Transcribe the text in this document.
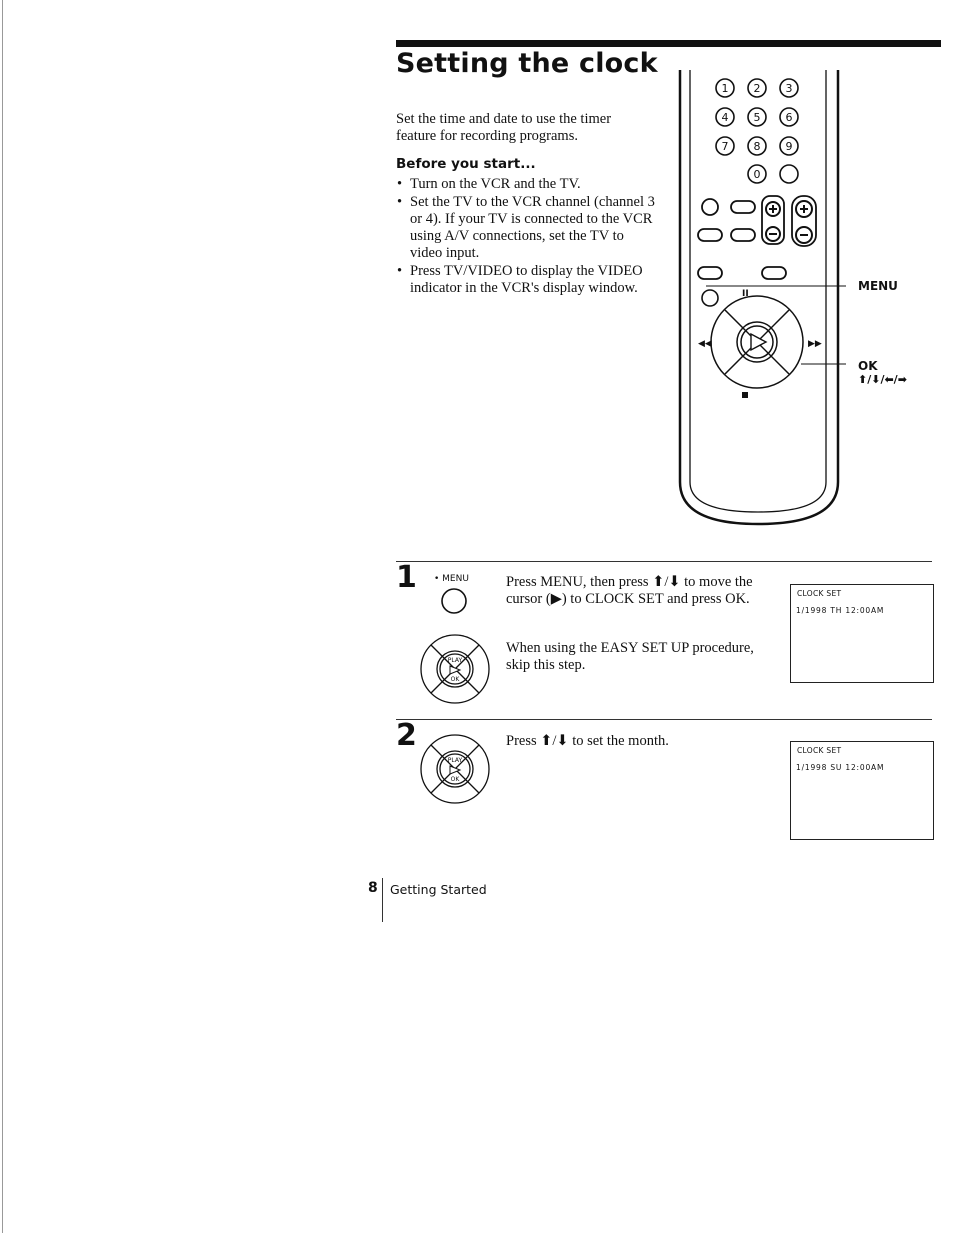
Setting the clock
Set the time and date to use the timer feature for recording programs.
Before you start...
• Turn on the VCR and the TV.
• Set the TV to the VCR channel (channel 3 or 4). If your TV is connected to the VCR using A/V connections, set the TV to video input.
• Press TV/VIDEO to display the VIDEO indicator in the VCR's display window.
1 2 3
4 5 6
7 8 9
0
II
◀◀	▶▶
MENU
OK
⬆/⬇/⬅/➡
1 • MENU
PLAY
OK
Press MENU, then press ⬆/⬇ to move the cursor (▶) to CLOCK SET and press OK.
When using the EASY SET UP procedure, skip this step.
CLOCK SET
1/1998 TH 12:00AM
2
PLAY
OK
Press ⬆/⬇ to set the month.
CLOCK SET
1/1998 SU 12:00AM
8 Getting Started
